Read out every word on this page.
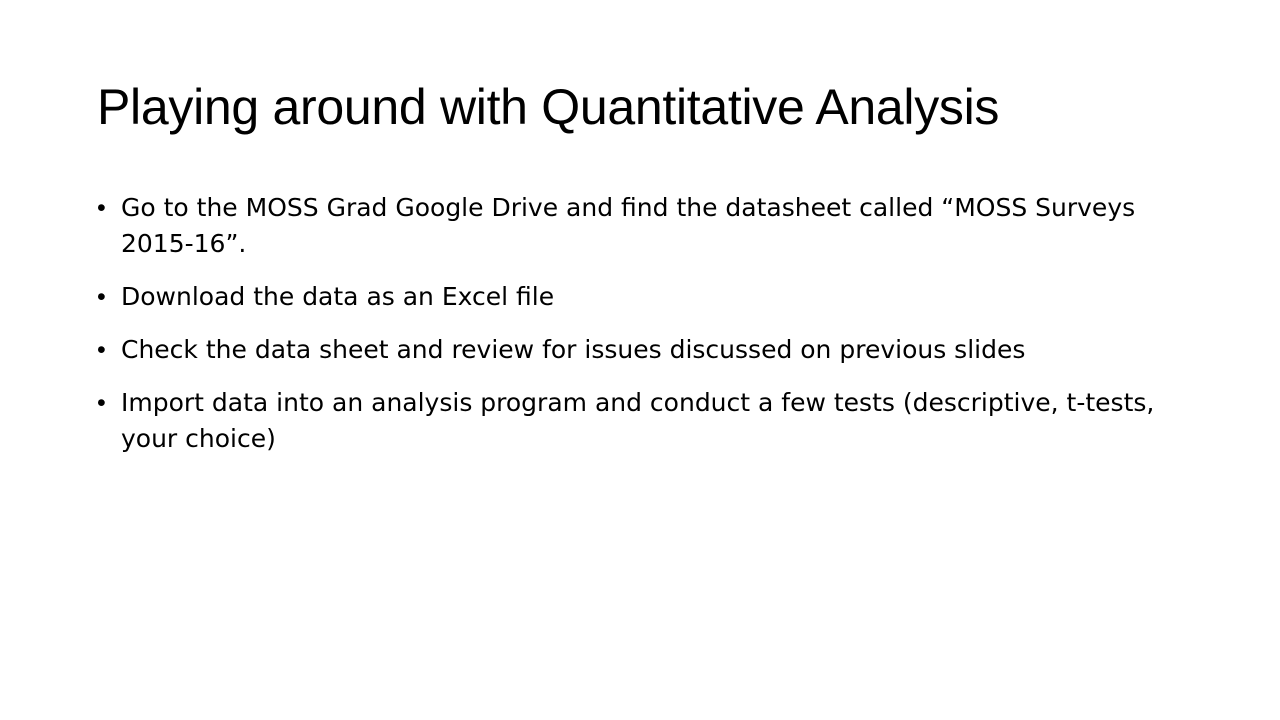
Playing around with Quantitative Analysis
• Go to the MOSS Grad Google Drive and find the datasheet called “MOSS Surveys 2015-16”.
• Download the data as an Excel file
• Check the data sheet and review for issues discussed on previous slides
• Import data into an analysis program and conduct a few tests (descriptive, t-tests, your choice)
